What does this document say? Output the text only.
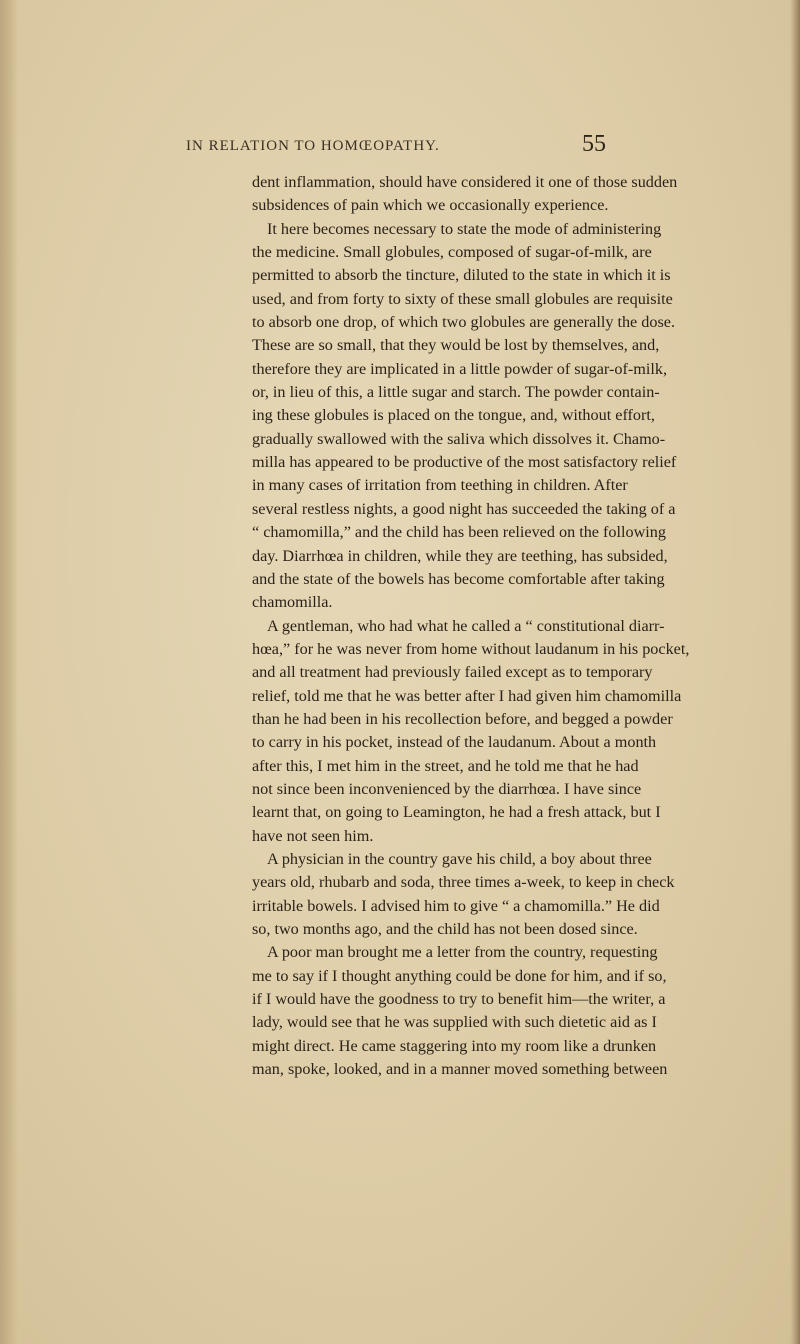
IN RELATION TO HOMŒOPATHY.	55
dent inflammation, should have considered it one of those sudden
subsidences of pain which we occasionally experience.
It here becomes necessary to state the mode of administering
the medicine. Small globules, composed of sugar-of-milk, are
permitted to absorb the tincture, diluted to the state in which it is
used, and from forty to sixty of these small globules are requisite
to absorb one drop, of which two globules are generally the dose.
These are so small, that they would be lost by themselves, and,
therefore they are implicated in a little powder of sugar-of-milk,
or, in lieu of this, a little sugar and starch. The powder contain-
ing these globules is placed on the tongue, and, without effort,
gradually swallowed with the saliva which dissolves it. Chamo-
milla has appeared to be productive of the most satisfactory relief
in many cases of irritation from teething in children. After
several restless nights, a good night has succeeded the taking of a
“ chamomilla,” and the child has been relieved on the following
day. Diarrhœa in children, while they are teething, has subsided,
and the state of the bowels has become comfortable after taking
chamomilla.
A gentleman, who had what he called a “ constitutional diarr-
hœa,” for he was never from home without laudanum in his pocket,
and all treatment had previously failed except as to temporary
relief, told me that he was better after I had given him chamomilla
than he had been in his recollection before, and begged a powder
to carry in his pocket, instead of the laudanum. About a month
after this, I met him in the street, and he told me that he had
not since been inconvenienced by the diarrhœa. I have since
learnt that, on going to Leamington, he had a fresh attack, but I
have not seen him.
A physician in the country gave his child, a boy about three
years old, rhubarb and soda, three times a-week, to keep in check
irritable bowels. I advised him to give “ a chamomilla.” He did
so, two months ago, and the child has not been dosed since.
A poor man brought me a letter from the country, requesting
me to say if I thought anything could be done for him, and if so,
if I would have the goodness to try to benefit him—the writer, a
lady, would see that he was supplied with such dietetic aid as I
might direct. He came staggering into my room like a drunken
man, spoke, looked, and in a manner moved something between
